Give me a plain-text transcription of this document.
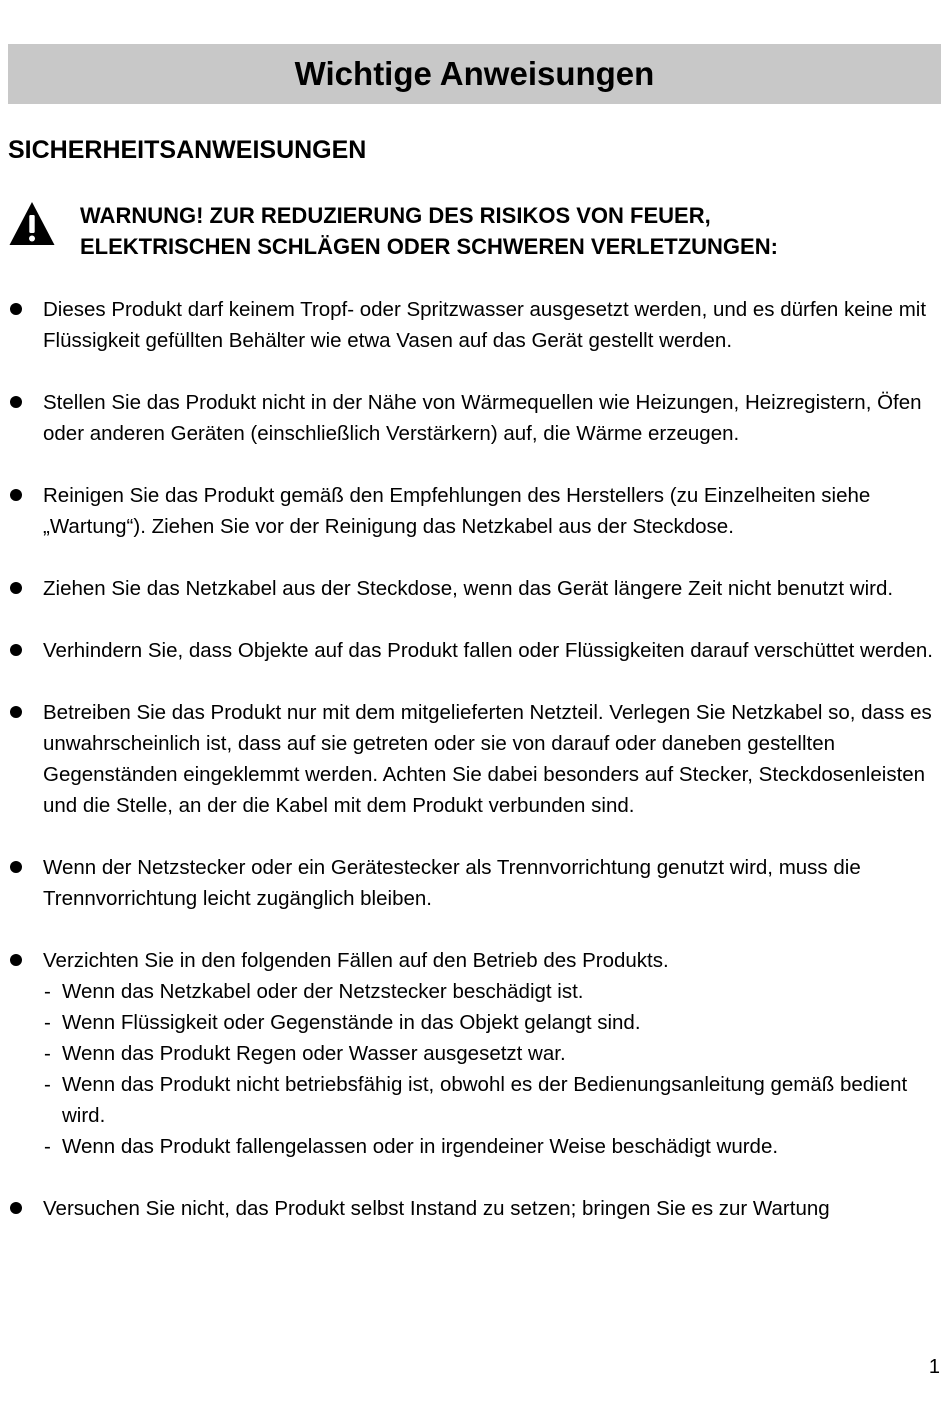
Wichtige Anweisungen
SICHERHEITSANWEISUNGEN
WARNUNG! ZUR REDUZIERUNG DES RISIKOS VON FEUER,
ELEKTRISCHEN SCHLÄGEN ODER SCHWEREN VERLETZUNGEN:
Dieses Produkt darf keinem Tropf- oder Spritzwasser ausgesetzt werden, und es dürfen keine mit Flüssigkeit gefüllten Behälter wie etwa Vasen auf das Gerät gestellt werden.
Stellen Sie das Produkt nicht in der Nähe von Wärmequellen wie Heizungen, Heizregistern, Öfen oder anderen Geräten (einschließlich Verstärkern) auf, die Wärme erzeugen.
Reinigen Sie das Produkt gemäß den Empfehlungen des Herstellers (zu Einzelheiten siehe „Wartung“). Ziehen Sie vor der Reinigung das Netzkabel aus der Steckdose.
Ziehen Sie das Netzkabel aus der Steckdose, wenn das Gerät längere Zeit nicht benutzt wird.
Verhindern Sie, dass Objekte auf das Produkt fallen oder Flüssigkeiten darauf verschüttet werden.
Betreiben Sie das Produkt nur mit dem mitgelieferten Netzteil. Verlegen Sie Netzkabel so, dass es unwahrscheinlich ist, dass auf sie getreten oder sie von darauf oder daneben gestellten Gegenständen eingeklemmt werden. Achten Sie dabei besonders auf Stecker, Steckdosenleisten und die Stelle, an der die Kabel mit dem Produkt verbunden sind.
Wenn der Netzstecker oder ein Gerätestecker als Trennvorrichtung genutzt wird, muss die Trennvorrichtung leicht zugänglich bleiben.
Verzichten Sie in den folgenden Fällen auf den Betrieb des Produkts.
- Wenn das Netzkabel oder der Netzstecker beschädigt ist.
- Wenn Flüssigkeit oder Gegenstände in das Objekt gelangt sind.
- Wenn das Produkt Regen oder Wasser ausgesetzt war.
- Wenn das Produkt nicht betriebsfähig ist, obwohl es der Bedienungsanleitung gemäß bedient wird.
- Wenn das Produkt fallengelassen oder in irgendeiner Weise beschädigt wurde.
Versuchen Sie nicht, das Produkt selbst Instand zu setzen; bringen Sie es zur Wartung
1
